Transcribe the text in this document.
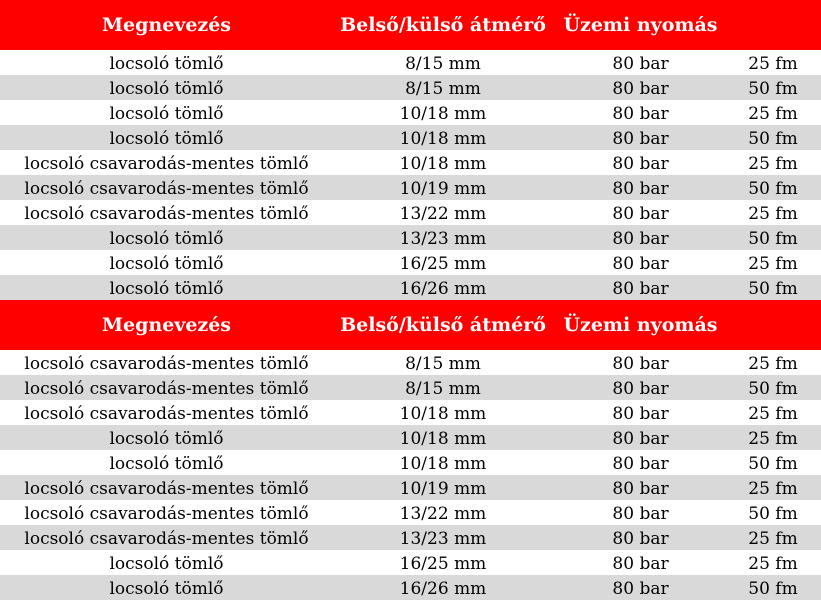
Megnevezés	Belső/külső átmérő Üzemi nyomás
locsoló tömlő	8/15 mm	80 bar	25 fm
locsoló tömlő	8/15 mm	80 bar	50 fm
locsoló tömlő	10/18 mm	80 bar	25 fm
locsoló tömlő	10/18 mm	80 bar	50 fm
locsoló csavarodás-mentes tömlő	10/18 mm	80 bar	25 fm
locsoló csavarodás-mentes tömlő	10/19 mm	80 bar	50 fm
locsoló csavarodás-mentes tömlő	13/22 mm	80 bar	25 fm
locsoló tömlő	13/23 mm	80 bar	50 fm
locsoló tömlő	16/25 mm	80 bar	25 fm
locsoló tömlő	16/26 mm	80 bar	50 fm
Megnevezés	Belső/külső átmérő Üzemi nyomás
locsoló csavarodás-mentes tömlő	8/15 mm	80 bar	25 fm
locsoló csavarodás-mentes tömlő	8/15 mm	80 bar	50 fm
locsoló csavarodás-mentes tömlő	10/18 mm	80 bar	25 fm
locsoló tömlő	10/18 mm	80 bar	25 fm
locsoló tömlő	10/18 mm	80 bar	50 fm
locsoló csavarodás-mentes tömlő	10/19 mm	80 bar	25 fm
locsoló csavarodás-mentes tömlő	13/22 mm	80 bar	50 fm
locsoló csavarodás-mentes tömlő	13/23 mm	80 bar	25 fm
locsoló tömlő	16/25 mm	80 bar	25 fm
locsoló tömlő	16/26 mm	80 bar	50 fm
